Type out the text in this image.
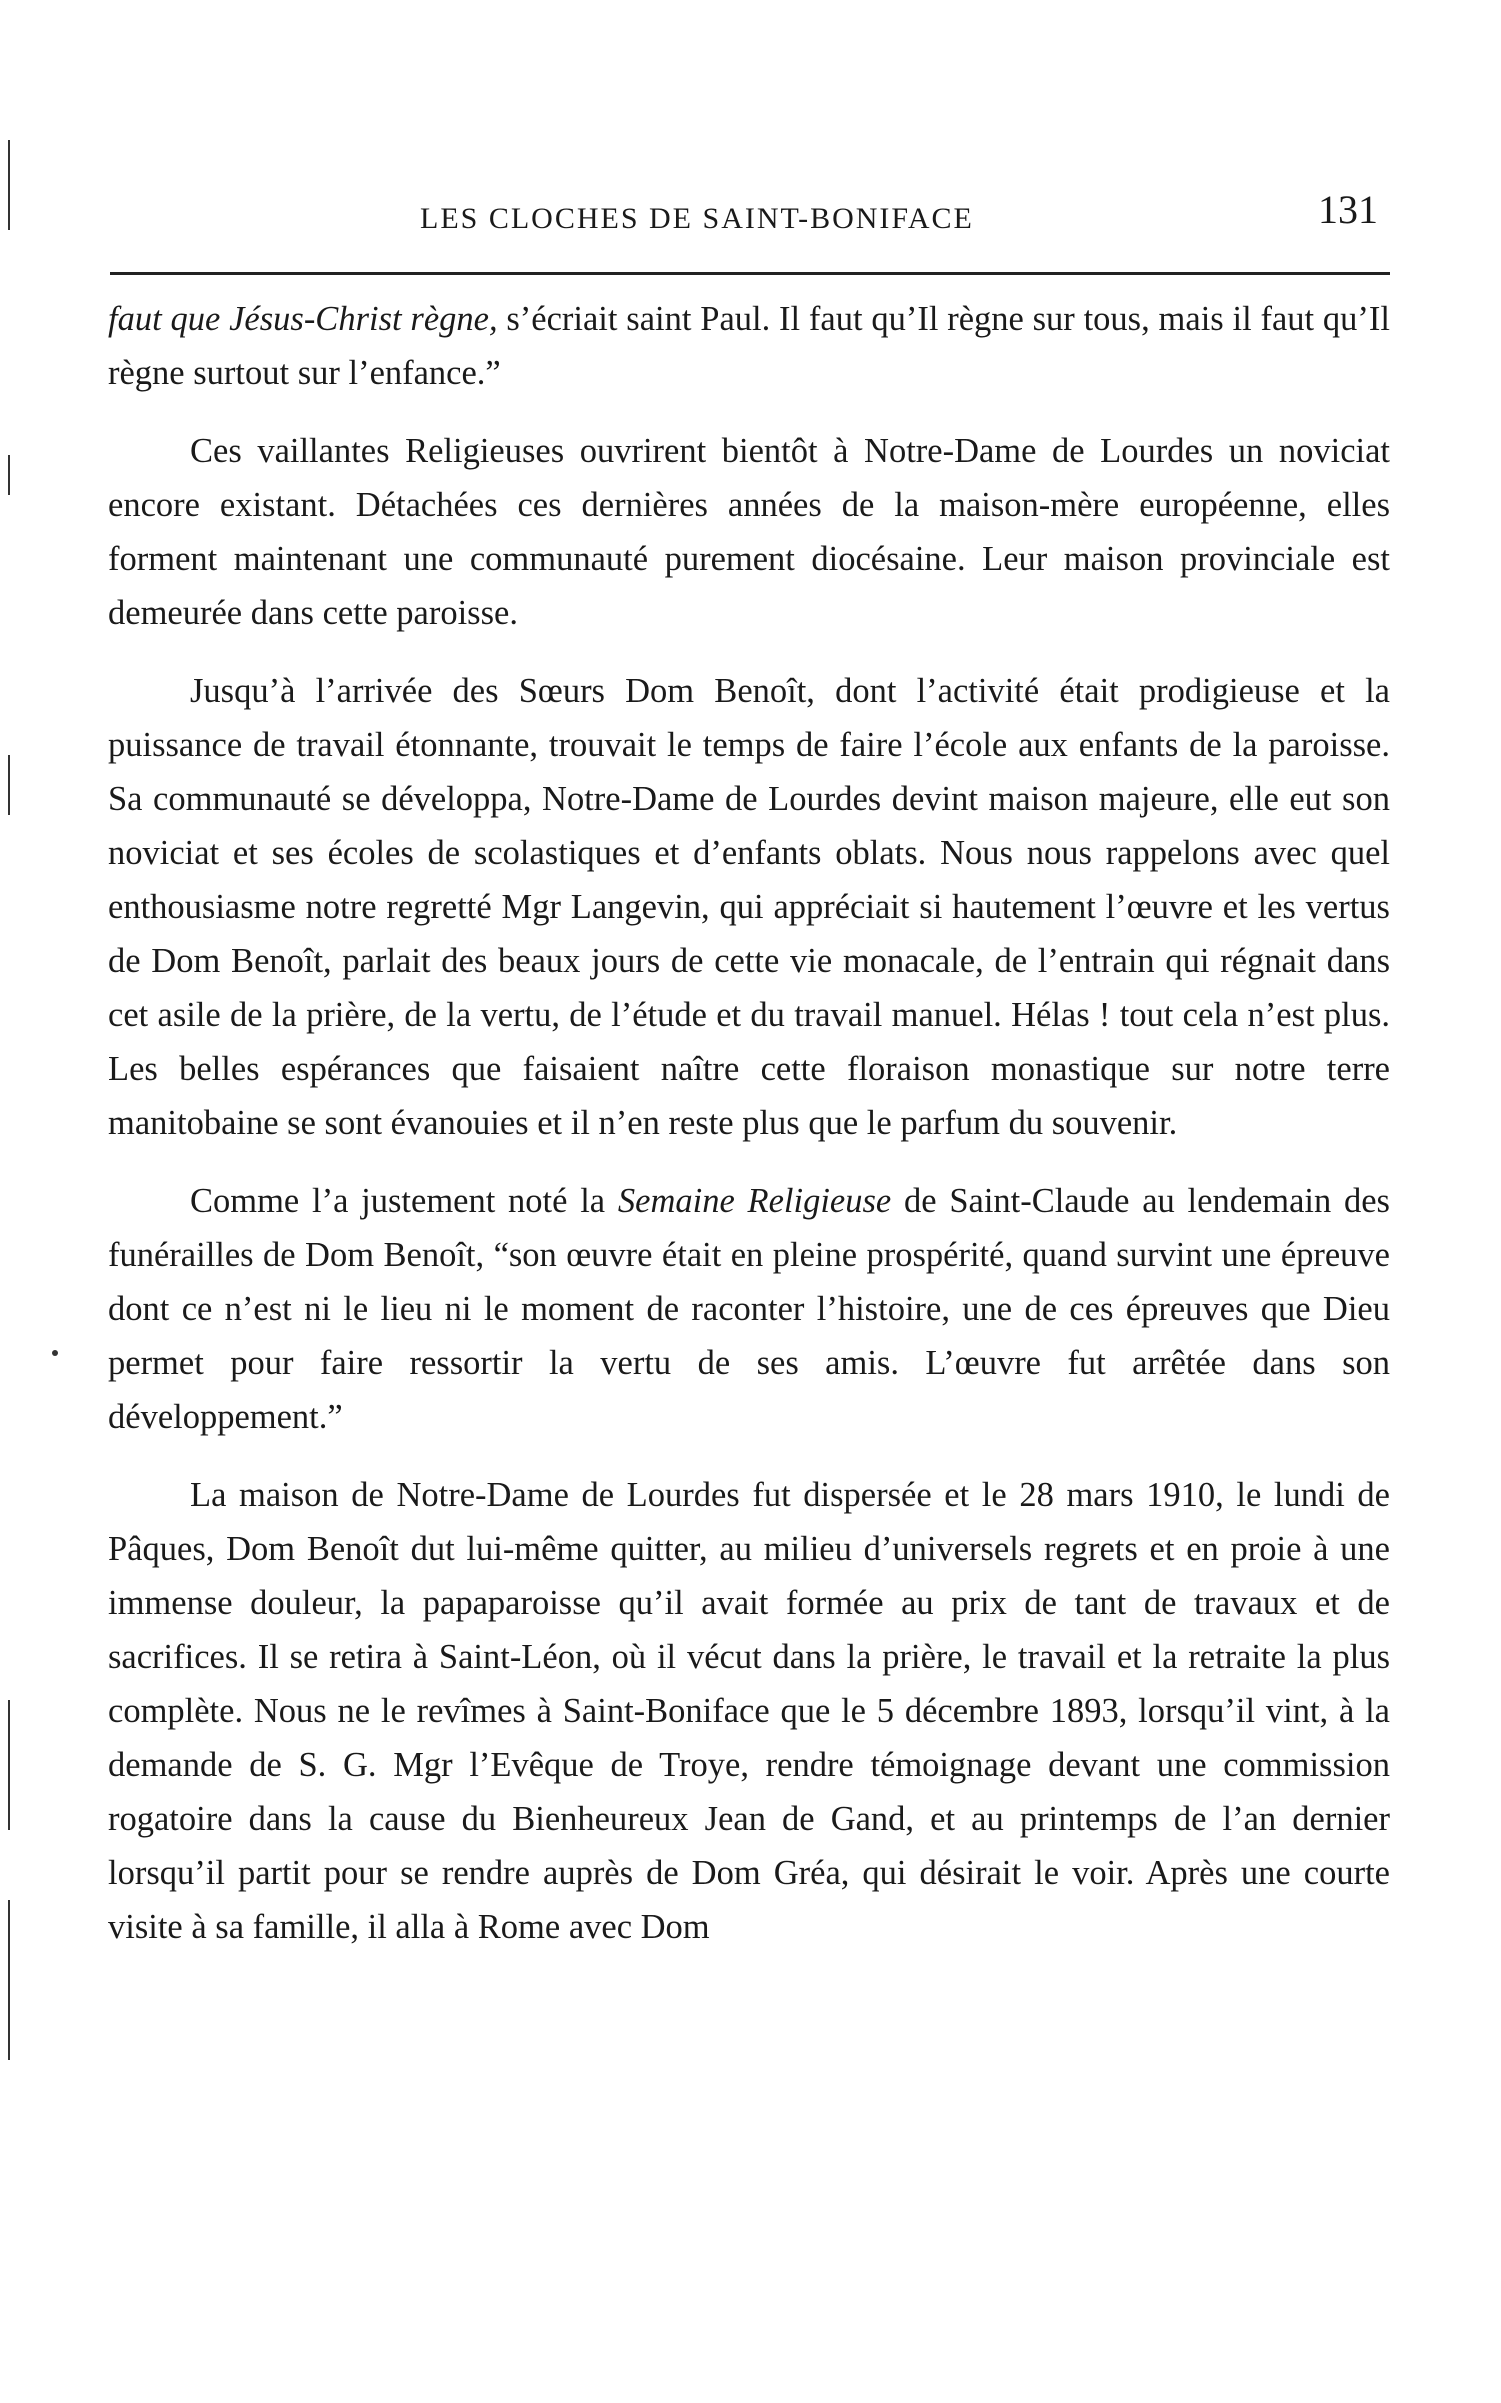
LES CLOCHES DE SAINT-BONIFACE	131

faut que Jésus-Christ règne, s’écriait saint Paul. Il faut qu’Il règne sur tous, mais il faut qu’Il règne surtout sur l’enfance.”

Ces vaillantes Religieuses ouvrirent bientôt à Notre-Dame de Lourdes un noviciat encore existant. Détachées ces dernières années de la maison-mère européenne, elles forment maintenant une communauté purement diocésaine. Leur maison provinciale est demeurée dans cette paroisse.

Jusqu’à l’arrivée des Sœurs Dom Benoît, dont l’activité était prodigieuse et la puissance de travail étonnante, trouvait le temps de faire l’école aux enfants de la paroisse. Sa communauté se développa, Notre-Dame de Lourdes devint maison majeure, elle eut son noviciat et ses écoles de scolastiques et d’enfants oblats. Nous nous rappelons avec quel enthousiasme notre regretté Mgr Langevin, qui appréciait si hautement l’œuvre et les vertus de Dom Benoît, parlait des beaux jours de cette vie monacale, de l’entrain qui régnait dans cet asile de la prière, de la vertu, de l’étude et du travail manuel. Hélas ! tout cela n’est plus. Les belles espérances que faisaient naître cette floraison monastique sur notre terre manitobaine se sont évanouies et il n’en reste plus que le parfum du souvenir.

Comme l’a justement noté la Semaine Religieuse de Saint-Claude au lendemain des funérailles de Dom Benoît, “son œuvre était en pleine prospérité, quand survint une épreuve dont ce n’est ni le lieu ni le moment de raconter l’histoire, une de ces épreuves que Dieu permet pour faire ressortir la vertu de ses amis. L’œuvre fut arrêtée dans son développement.”

La maison de Notre-Dame de Lourdes fut dispersée et le 28 mars 1910, le lundi de Pâques, Dom Benoît dut lui-même quitter, au milieu d’universels regrets et en proie à une immense douleur, la papaparoisse qu’il avait formée au prix de tant de travaux et de sacrifices. Il se retira à Saint-Léon, où il vécut dans la prière, le travail et la retraite la plus complète. Nous ne le revîmes à Saint-Boniface que le 5 décembre 1893, lorsqu’il vint, à la demande de S. G. Mgr l’Evêque de Troye, rendre témoignage devant une commission rogatoire dans la cause du Bienheureux Jean de Gand, et au printemps de l’an dernier lorsqu’il partit pour se rendre auprès de Dom Gréa, qui désirait le voir. Après une courte visite à sa famille, il alla à Rome avec Dom
